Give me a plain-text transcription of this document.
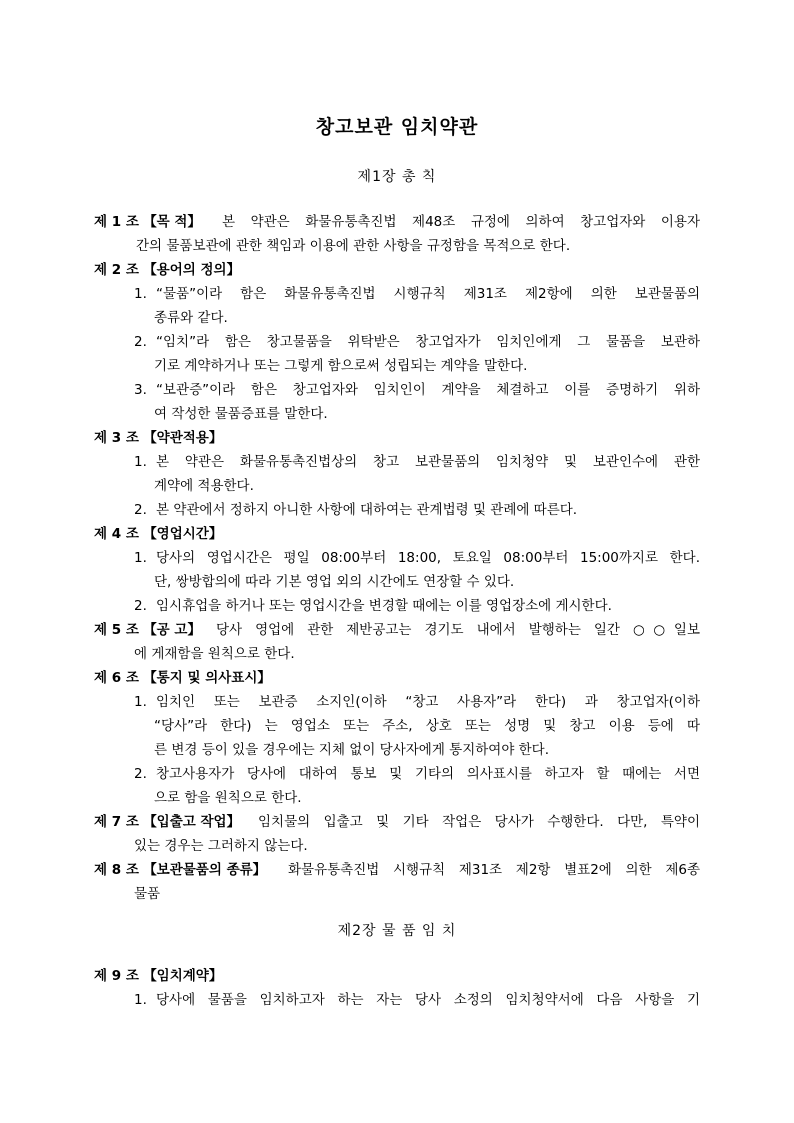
창고보관 임치약관
제1장 총 칙
제 1 조 【목 적】 본 약관은 화물유통촉진법 제48조 규정에 의하여 창고업자와 이용자
간의 물품보관에 관한 책임과 이용에 관한 사항을 규정함을 목적으로 한다.
제 2 조 【용어의 정의】
1. “물품”이라 함은 화물유통촉진법 시행규칙 제31조 제2항에 의한 보관물품의
종류와 같다.
2. “임치”라 함은 창고물품을 위탁받은 창고업자가 임치인에게 그 물품을 보관하
기로 계약하거나 또는 그렇게 함으로써 성립되는 계약을 말한다.
3. “보관증”이라 함은 창고업자와 임치인이 계약을 체결하고 이를 증명하기 위하
여 작성한 물품증표를 말한다.
제 3 조 【약관적용】
1. 본 약관은 화물유통촉진법상의 창고 보관물품의 임치청약 및 보관인수에 관한
계약에 적용한다.
2. 본 약관에서 정하지 아니한 사항에 대하여는 관계법령 및 관례에 따른다.
제 4 조 【영업시간】
1. 당사의 영업시간은 평일 08:00부터 18:00, 토요일 08:00부터 15:00까지로 한다.
단, 쌍방합의에 따라 기본 영업 외의 시간에도 연장할 수 있다.
2. 임시휴업을 하거나 또는 영업시간을 변경할 때에는 이를 영업장소에 게시한다.
제 5 조 【공 고】 당사 영업에 관한 제반공고는 경기도 내에서 발행하는 일간 ○○일보
에 게재함을 원칙으로 한다.
제 6 조 【통지 및 의사표시】
1. 임치인 또는 보관증 소지인(이하 “창고 사용자”라 한다) 과 창고업자(이하
“당사”라 한다) 는 영업소 또는 주소, 상호 또는 성명 및 창고 이용 등에 따
른 변경 등이 있을 경우에는 지체 없이 당사자에게 통지하여야 한다.
2. 창고사용자가 당사에 대하여 통보 및 기타의 의사표시를 하고자 할 때에는 서면
으로 함을 원칙으로 한다.
제 7 조 【입출고 작업】 임치물의 입출고 및 기타 작업은 당사가 수행한다. 다만, 특약이
있는 경우는 그러하지 않는다.
제 8 조 【보관물품의 종류】 화물유통촉진법 시행규칙 제31조 제2항 별표2에 의한 제6종
물품
제2장 물 품 임 치
제 9 조 【임치계약】
1. 당사에 물품을 임치하고자 하는 자는 당사 소정의 임치청약서에 다음 사항을 기
